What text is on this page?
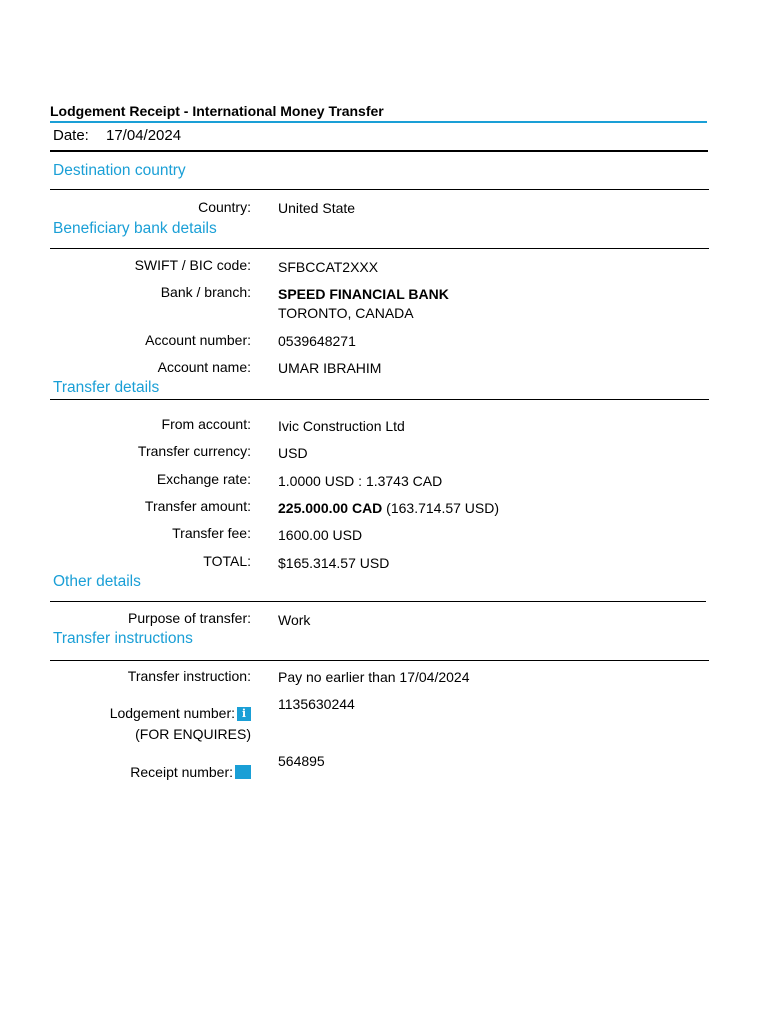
Lodgement Receipt - International Money Transfer
Date: 17/04/2024
Destination country
Country: United State
Beneficiary bank details
SWIFT / BIC code: SFBCCAT2XXX
Bank / branch: SPEED FINANCIAL BANK
TORONTO, CANADA
Account number: 0539648271
Account name: UMAR IBRAHIM
Transfer details
From account: Ivic Construction Ltd
Transfer currency: USD
Exchange rate: 1.0000 USD : 1.3743 CAD
Transfer amount: 225.000.00 CAD (163.714.57 USD)
Transfer fee: 1600.00 USD
TOTAL: $165.314.57 USD
Other details
Purpose of transfer: Work
Transfer instructions
Transfer instruction: Pay no earlier than 17/04/2024
Lodgement number: i
(FOR ENQUIRES)
1135630244
Receipt number:
564895
